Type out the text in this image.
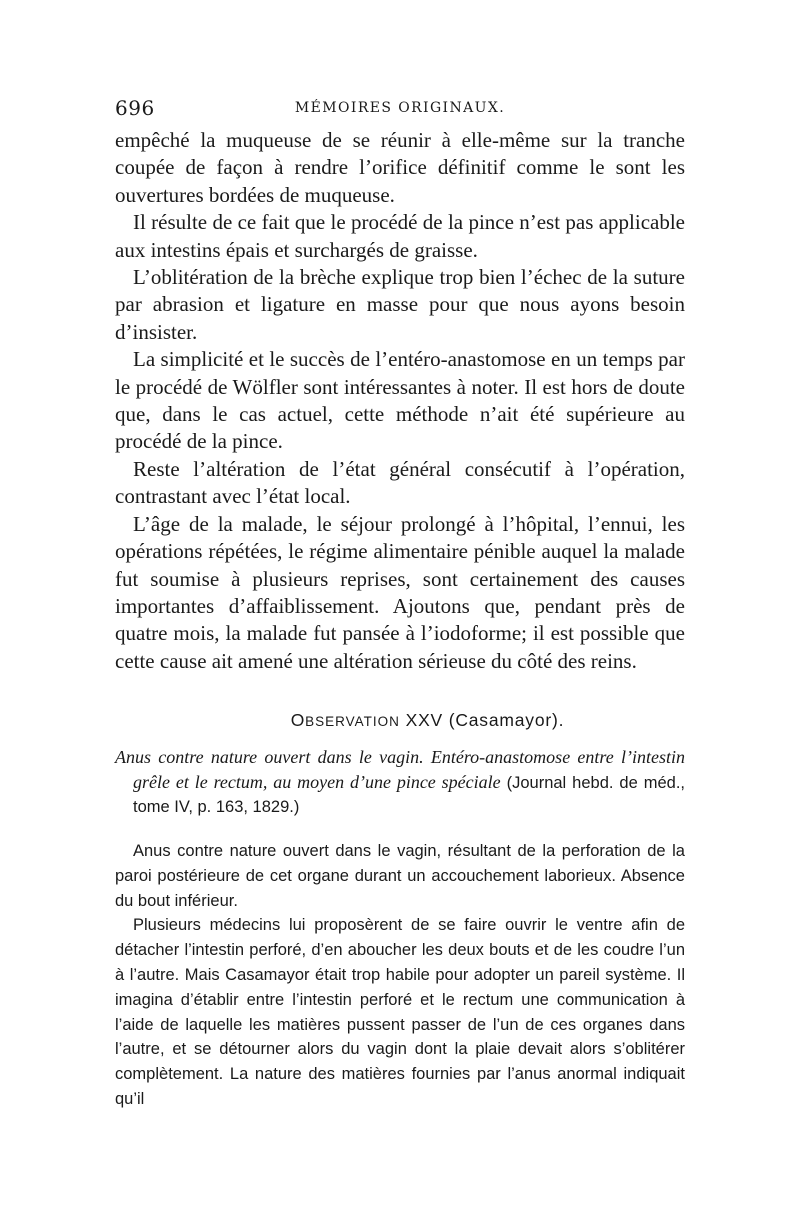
696	MÉMOIRES ORIGINAUX.

empêché la muqueuse de se réunir à elle-même sur la tranche coupée de façon à rendre l’orifice définitif comme le sont les ouvertures bordées de muqueuse.

Il résulte de ce fait que le procédé de la pince n’est pas applicable aux intestins épais et surchargés de graisse.

L’oblitération de la brèche explique trop bien l’échec de la suture par abrasion et ligature en masse pour que nous ayons besoin d’insister.

La simplicité et le succès de l’entéro-anastomose en un temps par le procédé de Wölfler sont intéressantes à noter. Il est hors de doute que, dans le cas actuel, cette méthode n’ait été supérieure au procédé de la pince.

Reste l’altération de l’état général consécutif à l’opération, contrastant avec l’état local.

L’âge de la malade, le séjour prolongé à l’hôpital, l’ennui, les opérations répétées, le régime alimentaire pénible auquel la malade fut soumise à plusieurs reprises, sont certainement des causes importantes d’affaiblissement. Ajoutons que, pendant près de quatre mois, la malade fut pansée à l’iodoforme; il est possible que cette cause ait amené une altération sérieuse du côté des reins.

OBSERVATION XXV (Casamayor).
Anus contre nature ouvert dans le vagin. Entéro-anastomose entre l’intestin grêle et le rectum, au moyen d’une pince spéciale (Journal hebd. de méd., tome IV, p. 163, 1829.)

Anus contre nature ouvert dans le vagin, résultant de la perforation de la paroi postérieure de cet organe durant un accouchement laborieux. Absence du bout inférieur.

Plusieurs médecins lui proposèrent de se faire ouvrir le ventre afin de détacher l’intestin perforé, d’en aboucher les deux bouts et de les coudre l’un à l’autre. Mais Casamayor était trop habile pour adopter un pareil système. Il imagina d’établir entre l’intestin perforé et le rectum une communication à l’aide de laquelle les matières pussent passer de l’un de ces organes dans l’autre, et se détourner alors du vagin dont la plaie devait alors s’oblitérer complètement. La nature des matières fournies par l’anus anormal indiquait qu’il
